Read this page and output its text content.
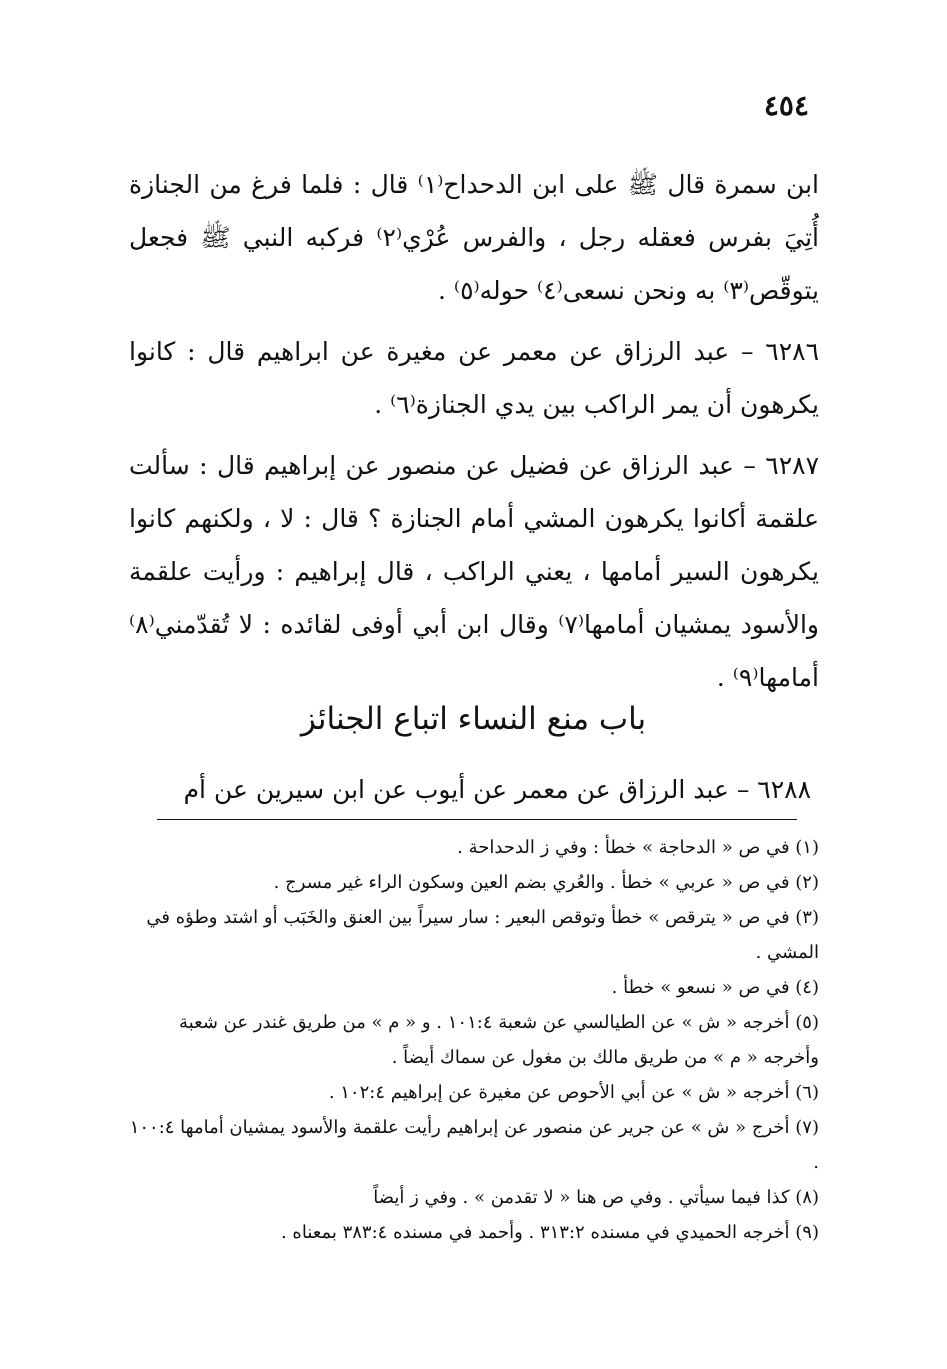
٤٥٤

ابن سمرة قال ﷺ على ابن الدحداح⁽١⁾ قال : فلما فرغ من الجنازة أُتِيَ بفرس فعقله رجل ، والفرس عُرْي⁽٢⁾ فركبه النبي ﷺ فجعل يتوقّص⁽٣⁾ به ونحن نسعى⁽٤⁾ حوله⁽٥⁾ .

٦٢٨٦ – عبد الرزاق عن معمر عن مغيرة عن ابراهيم قال : كانوا يكرهون أن يمر الراكب بين يدي الجنازة⁽٦⁾ .

٦٢٨٧ – عبد الرزاق عن فضيل عن منصور عن إبراهيم قال : سألت علقمة أكانوا يكرهون المشي أمام الجنازة ؟ قال : لا ، ولكنهم كانوا يكرهون السير أمامها ، يعني الراكب ، قال إبراهيم : ورأيت علقمة والأسود يمشيان أمامها⁽٧⁾ وقال ابن أبي أوفى لقائده : لا تُقدّمني⁽٨⁾ أمامها⁽٩⁾ .

باب منع النساء اتباع الجنائز
٦٢٨٨ – عبد الرزاق عن معمر عن أيوب عن ابن سيرين عن أم

(١) في ص « الدحاجة » خطأ : وفي ز الدحداحة .

(٢) في ص « عربي » خطأ . والعُري بضم العين وسكون الراء غير مسرج .

(٣) في ص « يترقص » خطأ وتوقص البعير : سار سيراً بين العنق والخَبَب أو اشتد وطؤه في المشي .

(٤) في ص « نسعو » خطأ .

(٥) أخرجه « ش » عن الطيالسي عن شعبة ١٠١:٤ . و « م » من طريق غندر عن شعبة وأخرجه « م » من طريق مالك بن مغول عن سماك أيضاً .

(٦) أخرجه « ش » عن أبي الأحوص عن مغيرة عن إبراهيم ١٠٢:٤ .

(٧) أخرج « ش » عن جرير عن منصور عن إبراهيم رأيت علقمة والأسود يمشيان أمامها ١٠٠:٤ .

(٨) كذا فيما سيأتي . وفي ص هنا « لا تقدمن » . وفي ز أيضاً

(٩) أخرجه الحميدي في مسنده ٣١٣:٢ . وأحمد في مسنده ٣٨٣:٤ بمعناه .
